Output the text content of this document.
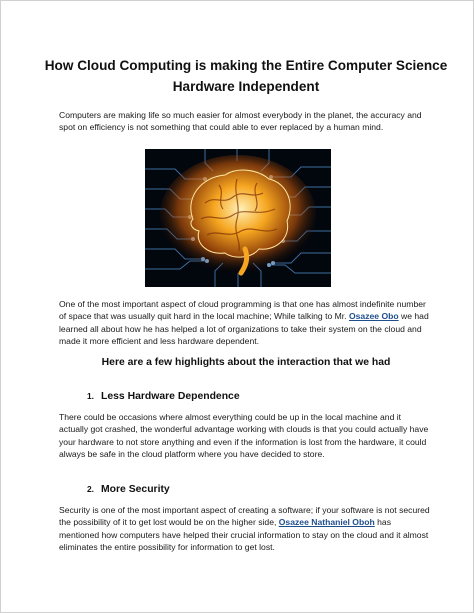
How Cloud Computing is making the Entire Computer Science
Hardware Independent
Computers are making life so much easier for almost everybody in the planet, the accuracy and spot on efficiency is not something that could able to ever replaced by a human mind.
One of the most important aspect of cloud programming is that one has almost indefinite number of space that was usually quit hard in the local machine; While talking to Mr. Osazee Obo we had learned all about how he has helped a lot of organizations to take their system on the cloud and made it more efficient and less hardware dependent.
Here are a few highlights about the interaction that we had
1. Less Hardware Dependence
There could be occasions where almost everything could be up in the local machine and it actually got crashed, the wonderful advantage working with clouds is that you could actually have your hardware to not store anything and even if the information is lost from the hardware, it could always be safe in the cloud platform where you have decided to store.
2. More Security
Security is one of the most important aspect of creating a software; if your software is not secured the possibility of it to get lost would be on the higher side, Osazee Nathaniel Oboh has mentioned how computers have helped their crucial information to stay on the cloud and it almost eliminates the entire possibility for information to get lost.
